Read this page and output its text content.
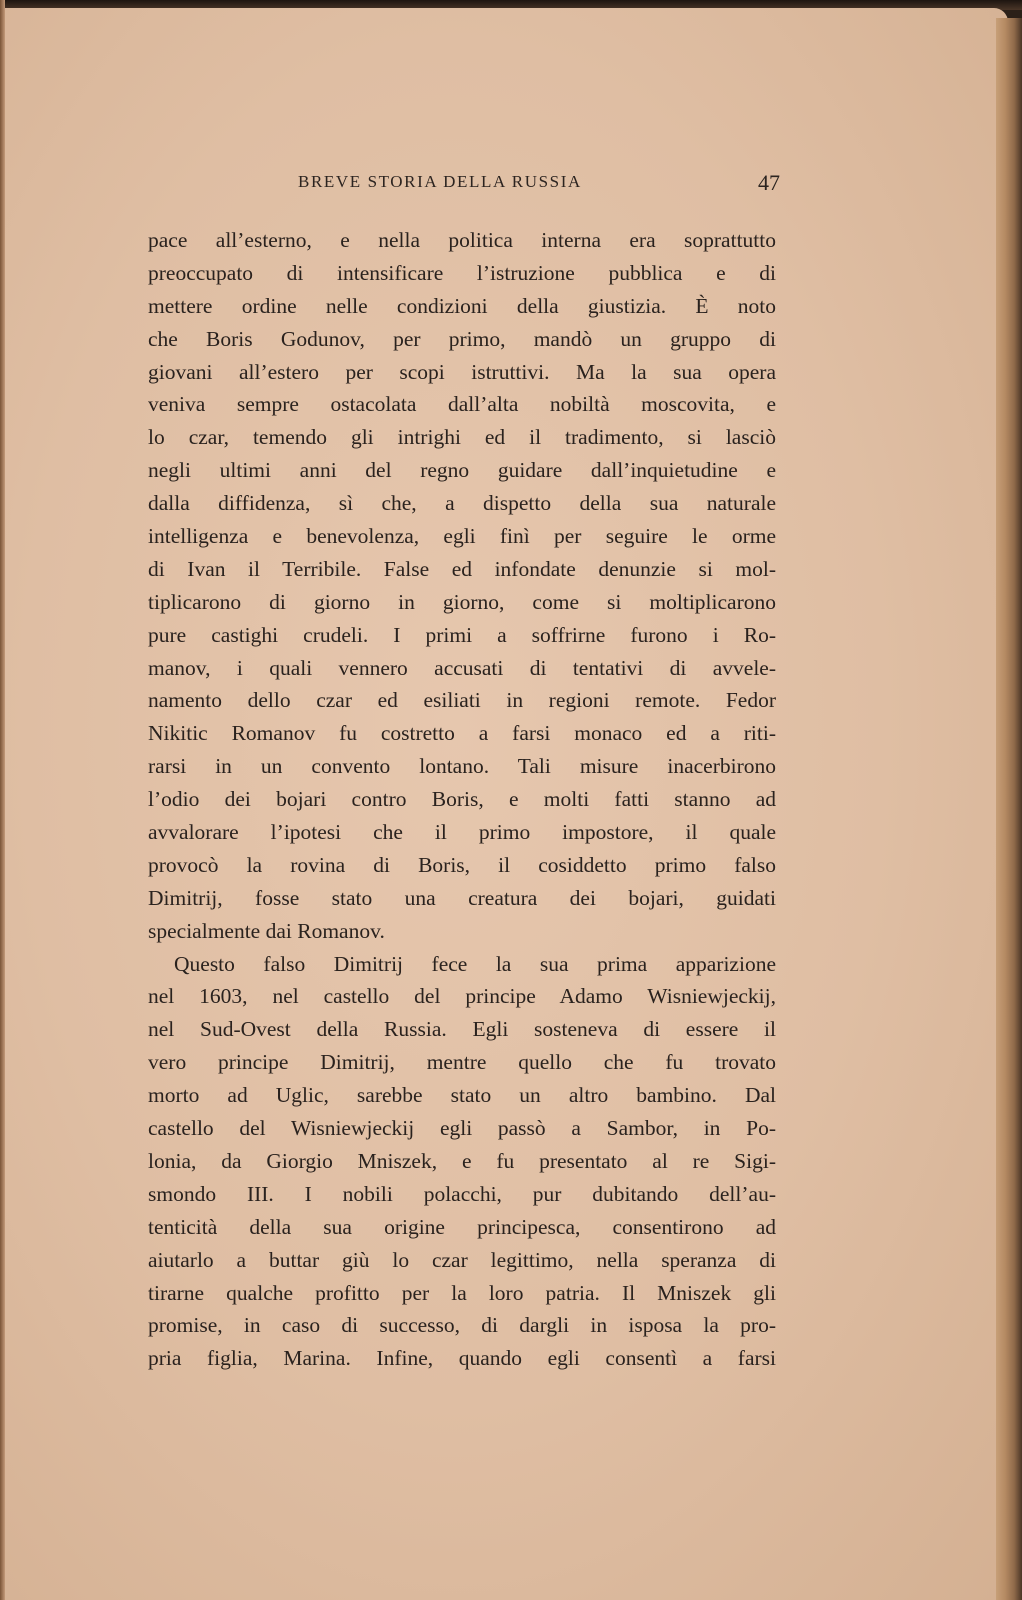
BREVE STORIA DELLA RUSSIA	47
pace all’esterno, e nella politica interna era soprattutto
preoccupato di intensificare l’istruzione pubblica e di
mettere ordine nelle condizioni della giustizia. È noto
che Boris Godunov, per primo, mandò un gruppo di
giovani all’estero per scopi istruttivi. Ma la sua opera
veniva sempre ostacolata dall’alta nobiltà moscovita, e
lo czar, temendo gli intrighi ed il tradimento, si lasciò
negli ultimi anni del regno guidare dall’inquietudine e
dalla diffidenza, sì che, a dispetto della sua naturale
intelligenza e benevolenza, egli finì per seguire le orme
di Ivan il Terribile. False ed infondate denunzie si mol-
tiplicarono di giorno in giorno, come si moltiplicarono
pure castighi crudeli. I primi a soffrirne furono i Ro-
manov, i quali vennero accusati di tentativi di avvele-
namento dello czar ed esiliati in regioni remote. Fedor
Nikitic Romanov fu costretto a farsi monaco ed a riti-
rarsi in un convento lontano. Tali misure inacerbirono
l’odio dei bojari contro Boris, e molti fatti stanno ad
avvalorare l’ipotesi che il primo impostore, il quale
provocò la rovina di Boris, il cosiddetto primo falso
Dimitrij, fosse stato una creatura dei bojari, guidati
specialmente dai Romanov.
Questo falso Dimitrij fece la sua prima apparizione
nel 1603, nel castello del principe Adamo Wisniewjeckij,
nel Sud-Ovest della Russia. Egli sosteneva di essere il
vero principe Dimitrij, mentre quello che fu trovato
morto ad Uglic, sarebbe stato un altro bambino. Dal
castello del Wisniewjeckij egli passò a Sambor, in Po-
lonia, da Giorgio Mniszek, e fu presentato al re Sigi-
smondo III. I nobili polacchi, pur dubitando dell’au-
tenticità della sua origine principesca, consentirono ad
aiutarlo a buttar giù lo czar legittimo, nella speranza di
tirarne qualche profitto per la loro patria. Il Mniszek gli
promise, in caso di successo, di dargli in isposa la pro-
pria figlia, Marina. Infine, quando egli consentì a farsi
